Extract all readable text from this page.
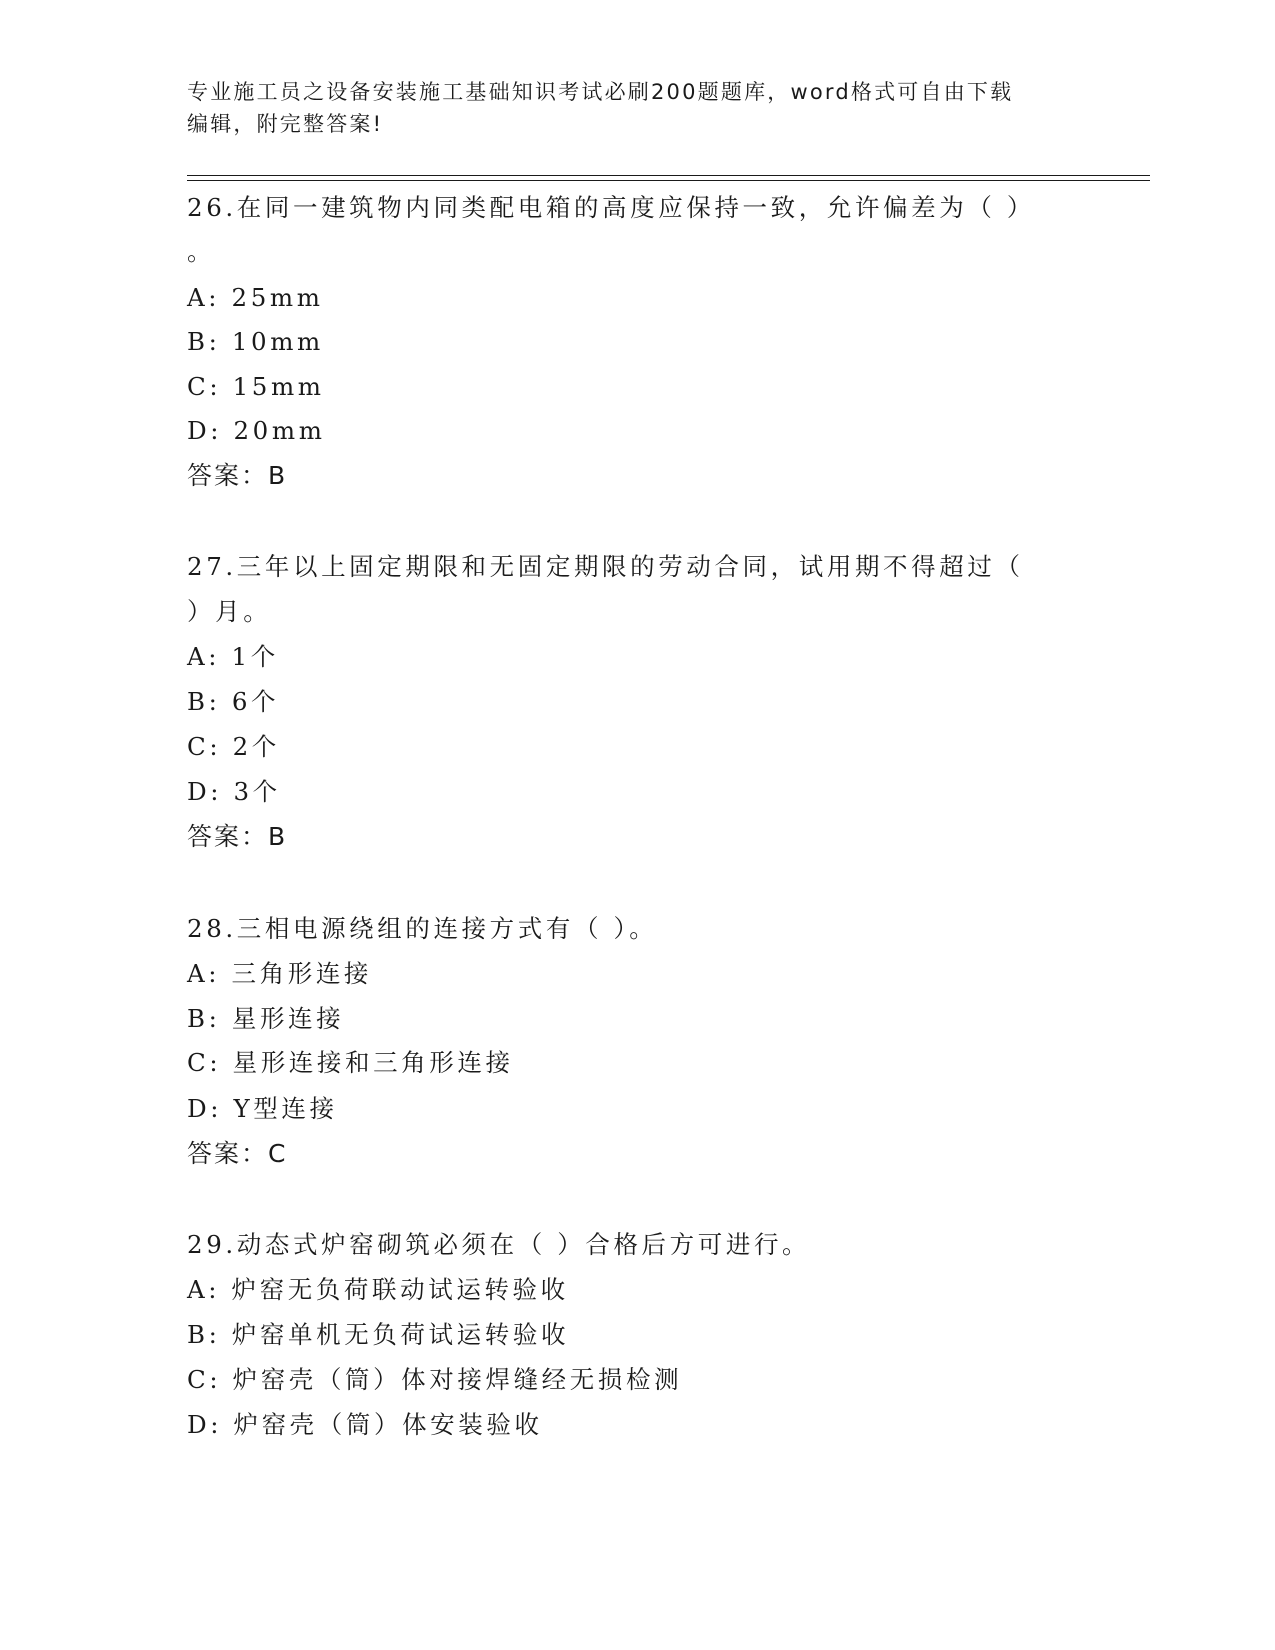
专业施工员之设备安装施工基础知识考试必刷200题题库，word格式可自由下载
编辑，附完整答案!
26.在同一建筑物内同类配电箱的高度应保持一致，允许偏差为（ ）
。
A: 25mm
B: 10mm
C: 15mm
D: 20mm
答案：B
27.三年以上固定期限和无固定期限的劳动合同，试用期不得超过（
）月。
A: 1个
B: 6个
C: 2个
D: 3个
答案：B
28.三相电源绕组的连接方式有（ ）。
A: 三角形连接
B: 星形连接
C: 星形连接和三角形连接
D: Y型连接
答案：C
29.动态式炉窑砌筑必须在（ ）合格后方可进行。
A: 炉窑无负荷联动试运转验收
B: 炉窑单机无负荷试运转验收
C: 炉窑壳（筒）体对接焊缝经无损检测
D: 炉窑壳（筒）体安装验收
